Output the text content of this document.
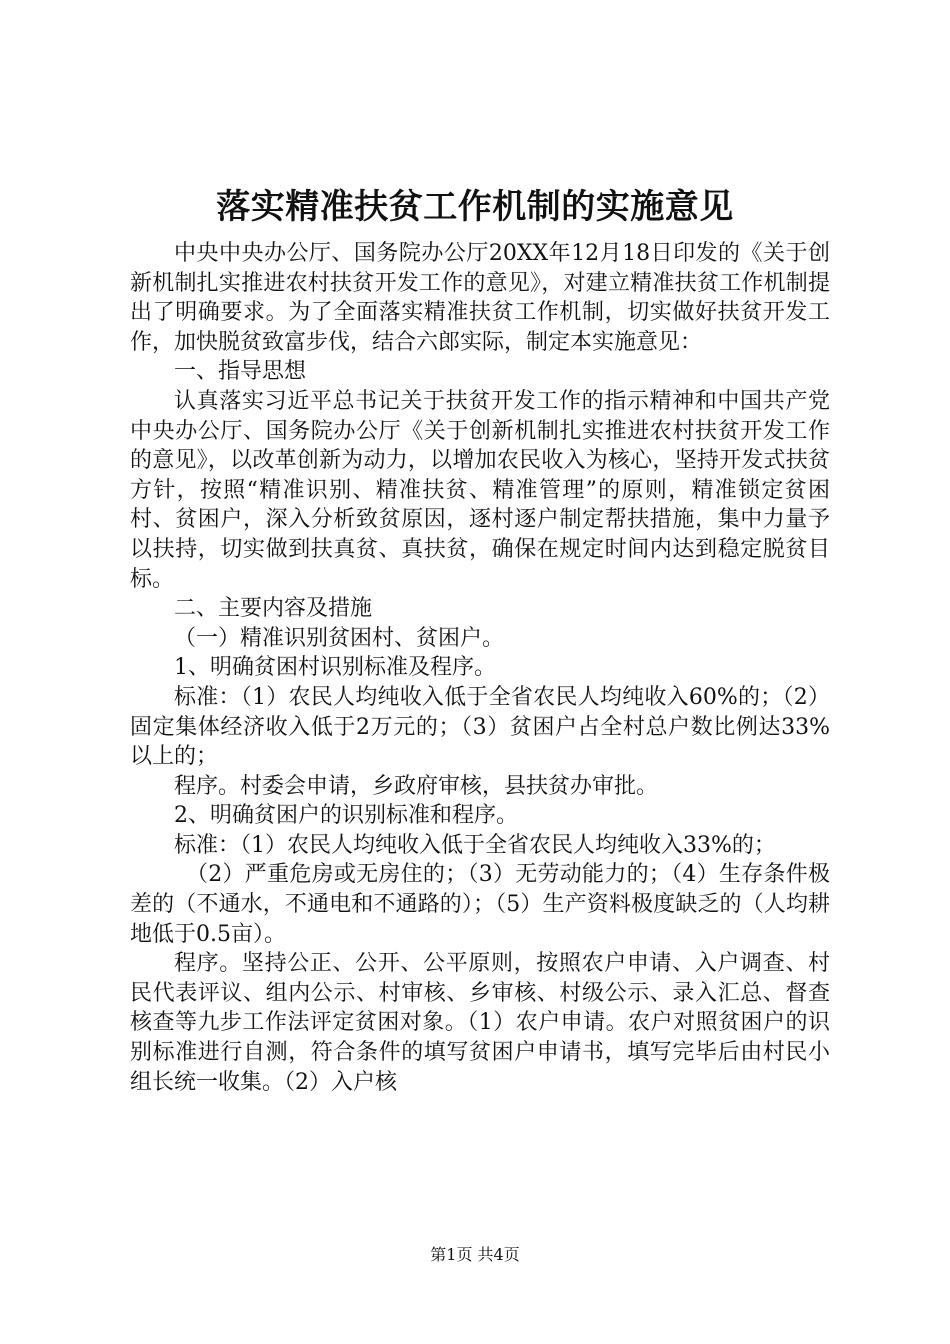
落实精准扶贫工作机制的实施意见

中央中央办公厅、国务院办公厅20XX年12月18日印发的《关于创新机制扎实推进农村扶贫开发工作的意见》，对建立精准扶贫工作机制提出了明确要求。为了全面落实精准扶贫工作机制，切实做好扶贫开发工作，加快脱贫致富步伐，结合六郎实际，制定本实施意见：

一、指导思想

认真落实习近平总书记关于扶贫开发工作的指示精神和中国共产党中央办公厅、国务院办公厅《关于创新机制扎实推进农村扶贫开发工作的意见》，以改革创新为动力，以增加农民收入为核心，坚持开发式扶贫方针，按照“精准识别、精准扶贫、精准管理”的原则，精准锁定贫困村、贫困户，深入分析致贫原因，逐村逐户制定帮扶措施，集中力量予以扶持，切实做到扶真贫、真扶贫，确保在规定时间内达到稳定脱贫目标。

二、主要内容及措施

（一）精准识别贫困村、贫困户。

1、明确贫困村识别标准及程序。

标准：（1）农民人均纯收入低于全省农民人均纯收入60%的；（2）固定集体经济收入低于2万元的；（3）贫困户占全村总户数比例达33%以上的；

程序。村委会申请，乡政府审核，县扶贫办审批。

2、明确贫困户的识别标准和程序。

标准：（1）农民人均纯收入低于全省农民人均纯收入33%的；

（2）严重危房或无房住的；（3）无劳动能力的；（4）生存条件极差的（不通水，不通电和不通路的）；（5）生产资料极度缺乏的（人均耕地低于0.5亩）。

程序。坚持公正、公开、公平原则，按照农户申请、入户调查、村民代表评议、组内公示、村审核、乡审核、村级公示、录入汇总、督查核查等九步工作法评定贫困对象。（1）农户申请。农户对照贫困户的识别标准进行自测，符合条件的填写贫困户申请书，填写完毕后由村民小组长统一收集。（2）入户核

第1页 共4页
